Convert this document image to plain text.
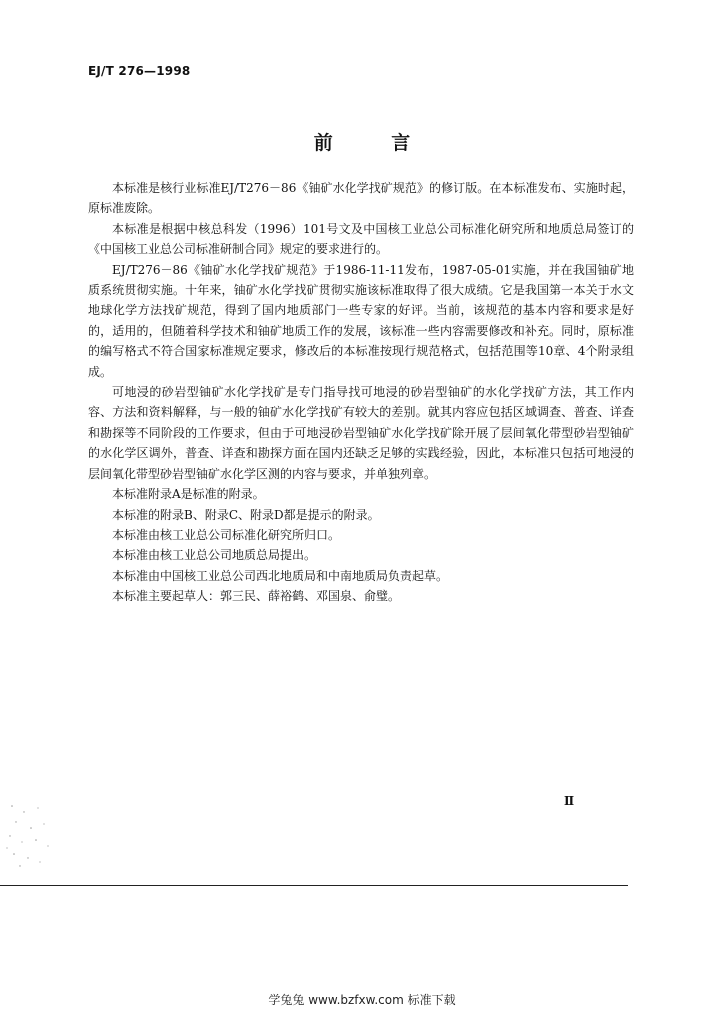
EJ/T 276—1998
前 言

本标准是核行业标准EJ/T276－86《铀矿水化学找矿规范》的修订版。在本标准发布、实施时起，原标准废除。

本标准是根据中核总科发（1996）101号文及中国核工业总公司标准化研究所和地质总局签订的《中国核工业总公司标准研制合同》规定的要求进行的。

EJ/T276－86《铀矿水化学找矿规范》于1986-11-11发布，1987-05-01实施，并在我国铀矿地质系统贯彻实施。十年来，铀矿水化学找矿贯彻实施该标准取得了很大成绩。它是我国第一本关于水文地球化学方法找矿规范，得到了国内地质部门一些专家的好评。当前，该规范的基本内容和要求是好的，适用的，但随着科学技术和铀矿地质工作的发展，该标准一些内容需要修改和补充。同时，原标准的编写格式不符合国家标准规定要求，修改后的本标准按现行规范格式，包括范围等10章、4个附录组成。

可地浸的砂岩型铀矿水化学找矿是专门指导找可地浸的砂岩型铀矿的水化学找矿方法，其工作内容、方法和资料解释，与一般的铀矿水化学找矿有较大的差别。就其内容应包括区域调查、普查、详查和勘探等不同阶段的工作要求，但由于可地浸砂岩型铀矿水化学找矿除开展了层间氧化带型砂岩型铀矿的水化学区调外，普查、详查和勘探方面在国内还缺乏足够的实践经验，因此，本标准只包括可地浸的层间氧化带型砂岩型铀矿水化学区测的内容与要求，并单独列章。

本标准附录A是标准的附录。

本标准的附录B、附录C、附录D都是提示的附录。

本标准由核工业总公司标准化研究所归口。

本标准由核工业总公司地质总局提出。

本标准由中国核工业总公司西北地质局和中南地质局负责起草。

本标准主要起草人：郭三民、薛裕鹤、邓国泉、俞璧。

Ⅱ
学兔兔 www.bzfxw.com 标准下载
